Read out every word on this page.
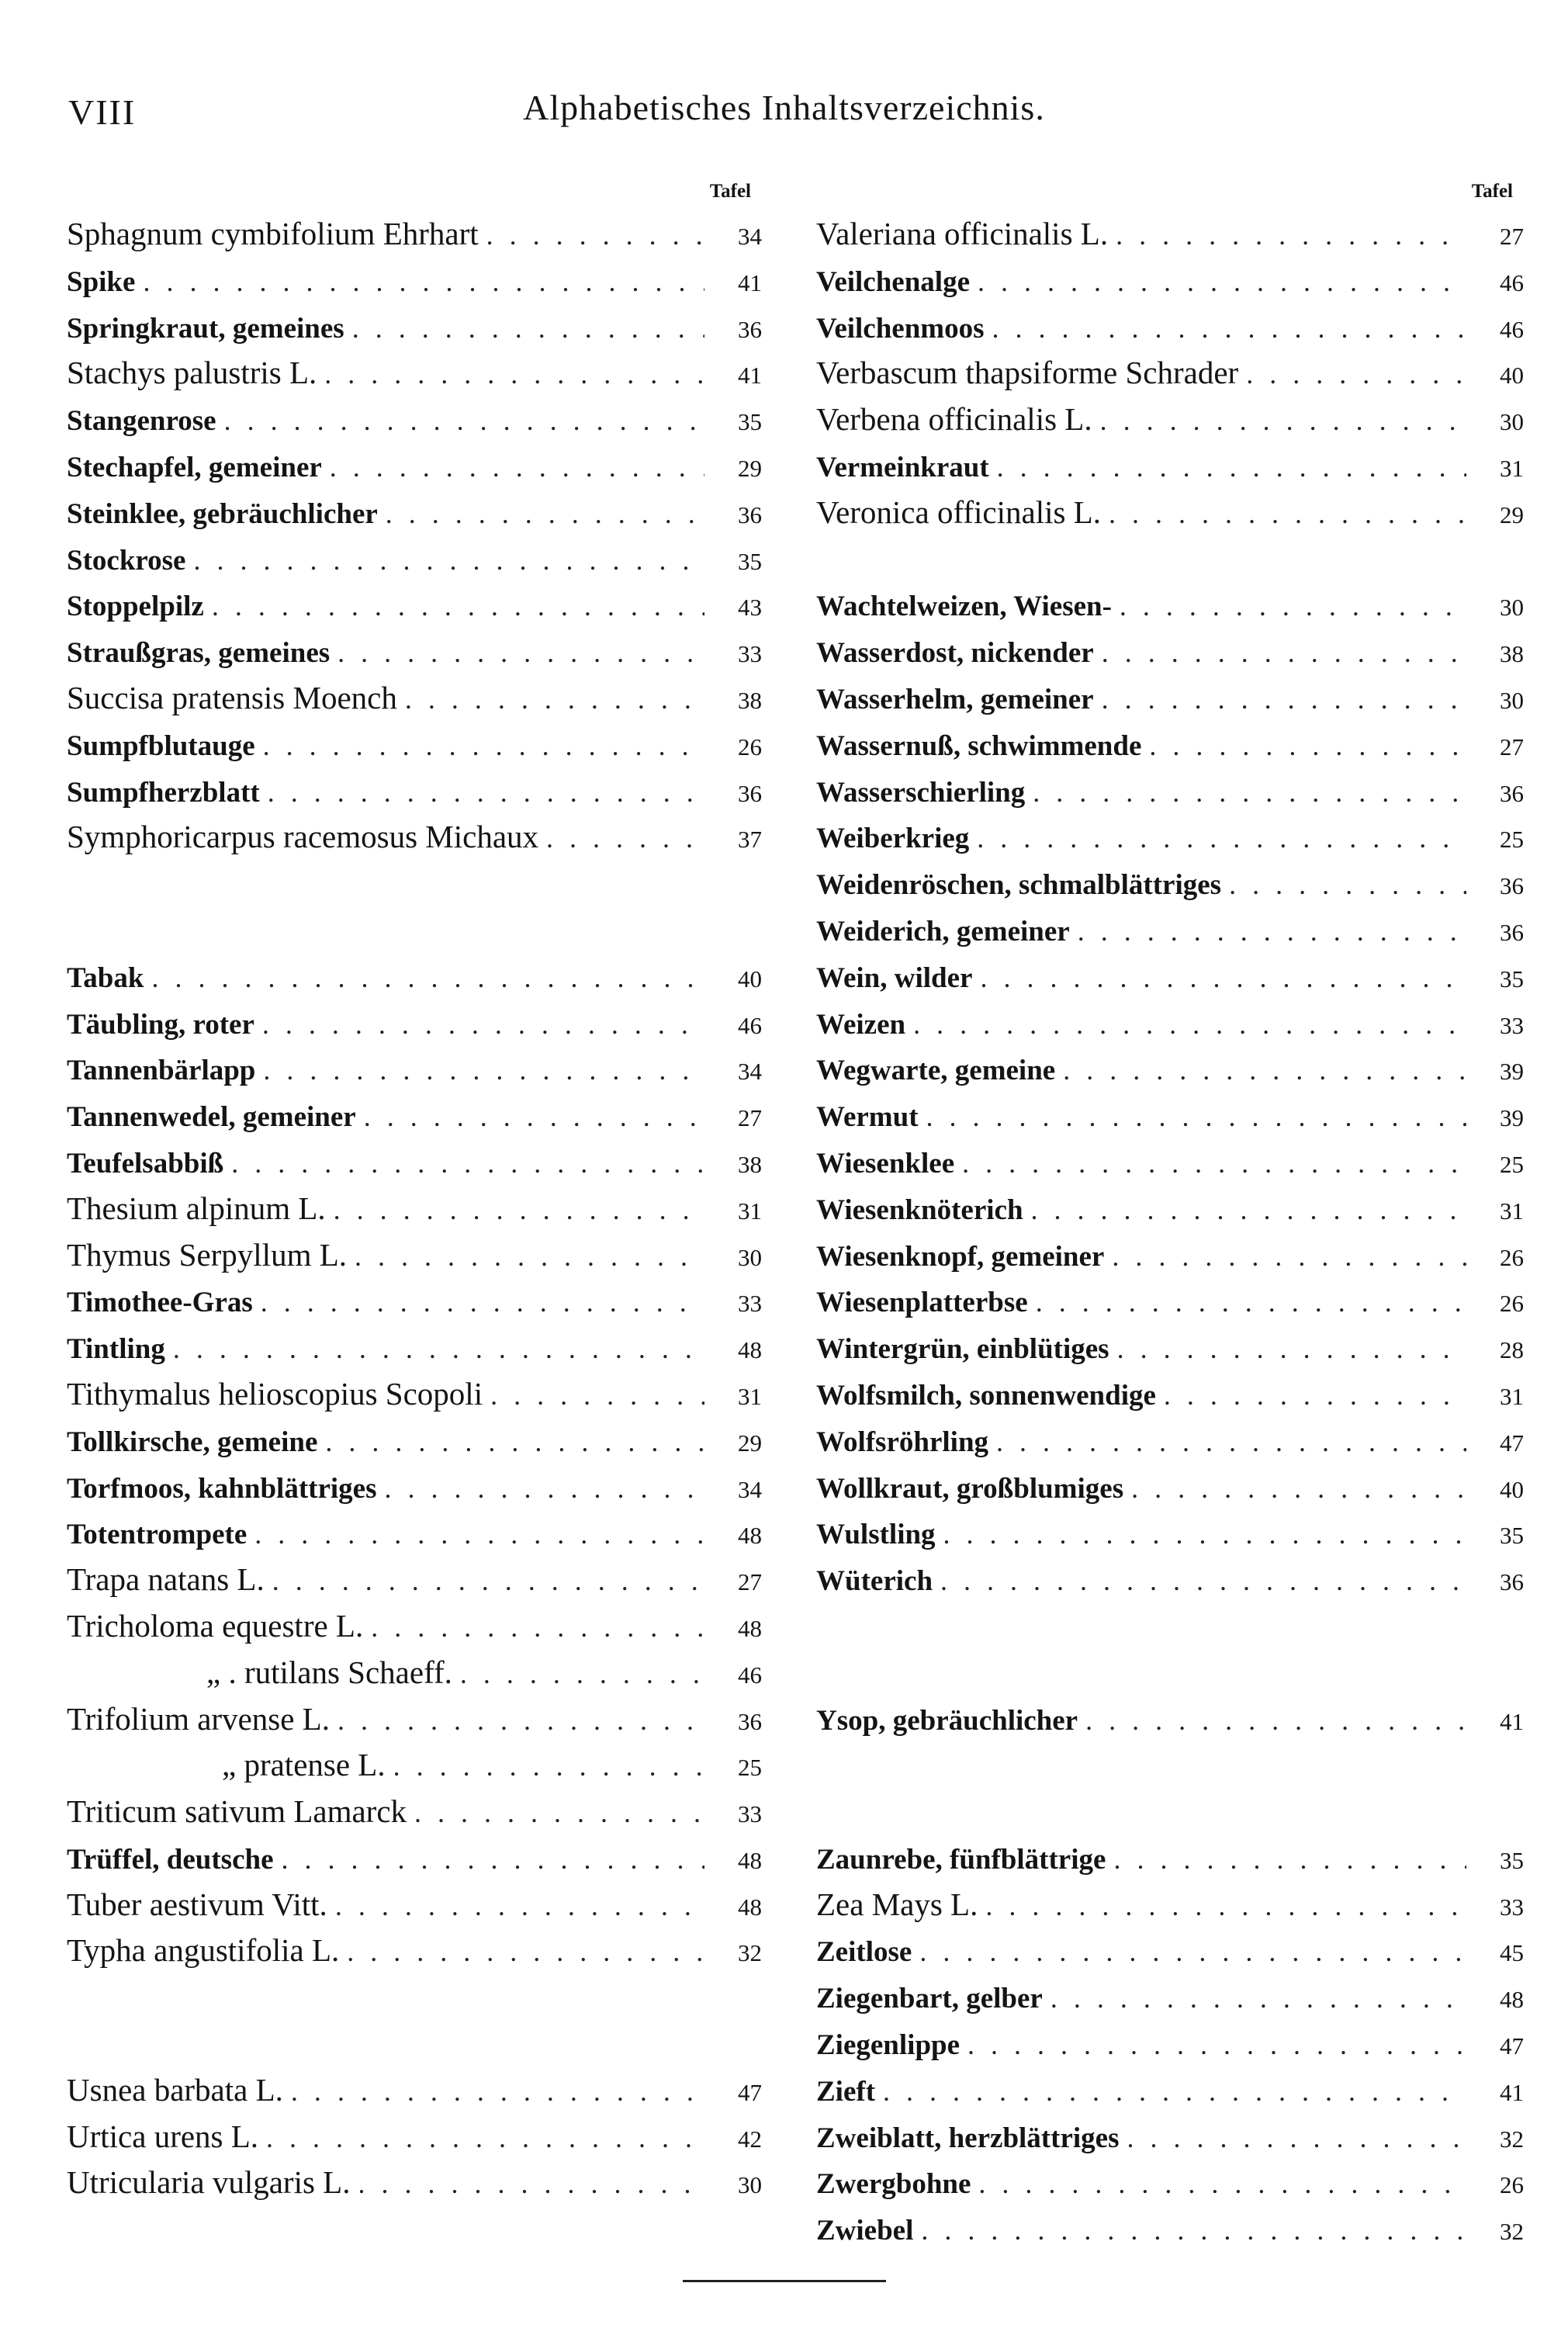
VIII	Alphabetisches Inhaltsverzeichnis.
Tafel
Sphagnum cymbifolium Ehrhart . . .	34
Spike . . .	41
Springkraut, gemeines . . .	36
Stachys palustris L. . . .	41
Stangenrose . . .	35
Stechapfel, gemeiner . . .	29
Steinklee, gebräuchlicher . . .	36
Stockrose . . .	35
Stoppelpilz . . .	43
Straußgras, gemeines . . .	33
Succisa pratensis Moench . . .	38
Sumpfblutauge . . .	26
Sumpfherzblatt . . .	36
Symphoricarpus racemosus Michaux . . .	37
Tabak . . .	40
Täubling, roter . . .	46
Tannenbärlapp . . .	34
Tannenwedel, gemeiner . . .	27
Teufelsabbiß . . .	38
Thesium alpinum L. . . .	31
Thymus Serpyllum L. . . .	30
Timothee-Gras . . .	33
Tintling . . .	48
Tithymalus helioscopius Scopoli . . .	31
Tollkirsche, gemeine . . .	29
Torfmoos, kahnblättriges . . .	34
Totentrompete . . .	48
Trapa natans L. . . .	27
Tricholoma equestre L. . . .	48
„ . rutilans Schaeff. . . .	46
Trifolium arvense L. . . .	36
„ pratense L. . . .	25
Triticum sativum Lamarck . . .	33
Trüffel, deutsche . . .	48
Tuber aestivum Vitt. . . .	48
Typha angustifolia L. . . .	32
Usnea barbata L. . . .	47
Urtica urens L. . . .	42
Utricularia vulgaris L. . . .	30
Tafel
Valeriana officinalis L. . . .	27
Veilchenalge . . .	46
Veilchenmoos . . .	46
Verbascum thapsiforme Schrader . . .	40
Verbena officinalis L. . . .	30
Vermeinkraut . . .	31
Veronica officinalis L. . . .	29
Wachtelweizen, Wiesen- . . .	30
Wasserdost, nickender . . .	38
Wasserhelm, gemeiner . . .	30
Wassernuß, schwimmende . . .	27
Wasserschierling . . .	36
Weiberkrieg . . .	25
Weidenröschen, schmalblättriges . . .	36
Weiderich, gemeiner . . .	36
Wein, wilder . . .	35
Weizen . . .	33
Wegwarte, gemeine . . .	39
Wermut . . .	39
Wiesenklee . . .	25
Wiesenknöterich . . .	31
Wiesenknopf, gemeiner . . .	26
Wiesenplatterbse . . .	26
Wintergrün, einblütiges . . .	28
Wolfsmilch, sonnenwendige . . .	31
Wolfsröhrling . . .	47
Wollkraut, großblumiges . . .	40
Wulstling . . .	35
Wüterich . . .	36
Ysop, gebräuchlicher . . .	41
Zaunrebe, fünfblättrige . . .	35
Zea Mays L. . . .	33
Zeitlose . . .	45
Ziegenbart, gelber . . .	48
Ziegenlippe . . .	47
Zieft . . .	41
Zweiblatt, herzblättriges . . .	32
Zwergbohne . . .	26
Zwiebel . . .	32
